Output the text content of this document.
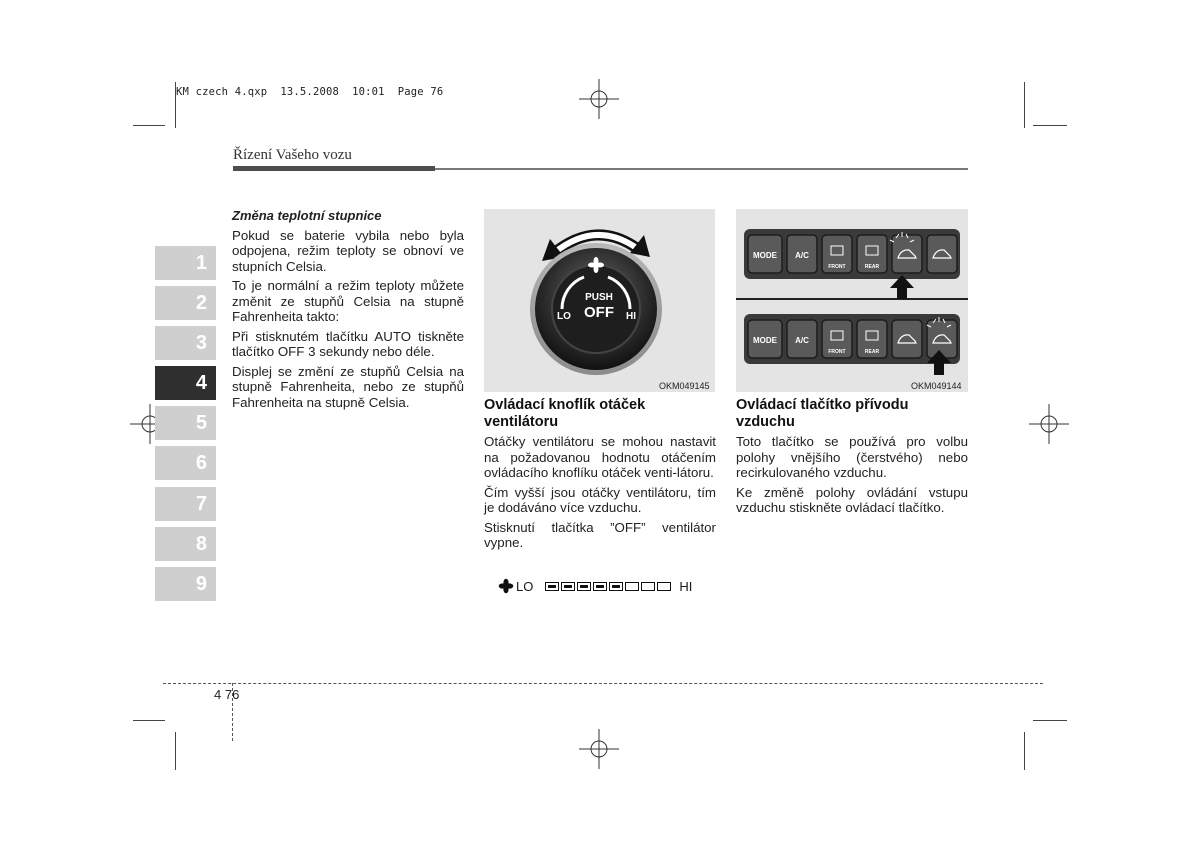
KM czech 4.qxp  13.5.2008  10:01  Page 76
Řízení Vašeho vozu
1
2
3
4
5
6
7
8
9
Změna teplotní stupnice

Pokud se baterie vybila nebo byla odpojena, režim teploty se obnoví ve stupních Celsia.

To je normální a režim teploty můžete změnit ze stupňů Celsia na stupně Fahrenheita takto:

Při stisknutém tlačítku AUTO tiskněte tlačítko OFF 3 sekundy nebo déle.

Displej se změní ze stupňů Celsia na stupně Fahrenheita, nebo ze stupňů Fahrenheita na stupně Celsia.

PUSH
OFF
LO	HI
OKM049145
Ovládací knoflík otáček ventilátoru

Otáčky ventilátoru se mohou nastavit na požadovanou hodnotu otáčením ovládacího knoflíku otáček venti-látoru.

Čím vyšší jsou otáčky ventilátoru, tím je dodáváno více vzduchu.

Stisknutí tlačítka ”OFF” ventilátor vypne.

LO	HI
MODE A/C
FRONT	REAR
MODE A/C
FRONT	REAR
OKM049144
Ovládací tlačítko přívodu vzduchu

Toto tlačítko se používá pro volbu polohy vnějšího (čerstvého) nebo recirkulovaného vzduchu.

Ke změně polohy ovládání vstupu vzduchu stiskněte ovládací tlačítko.

4 76
